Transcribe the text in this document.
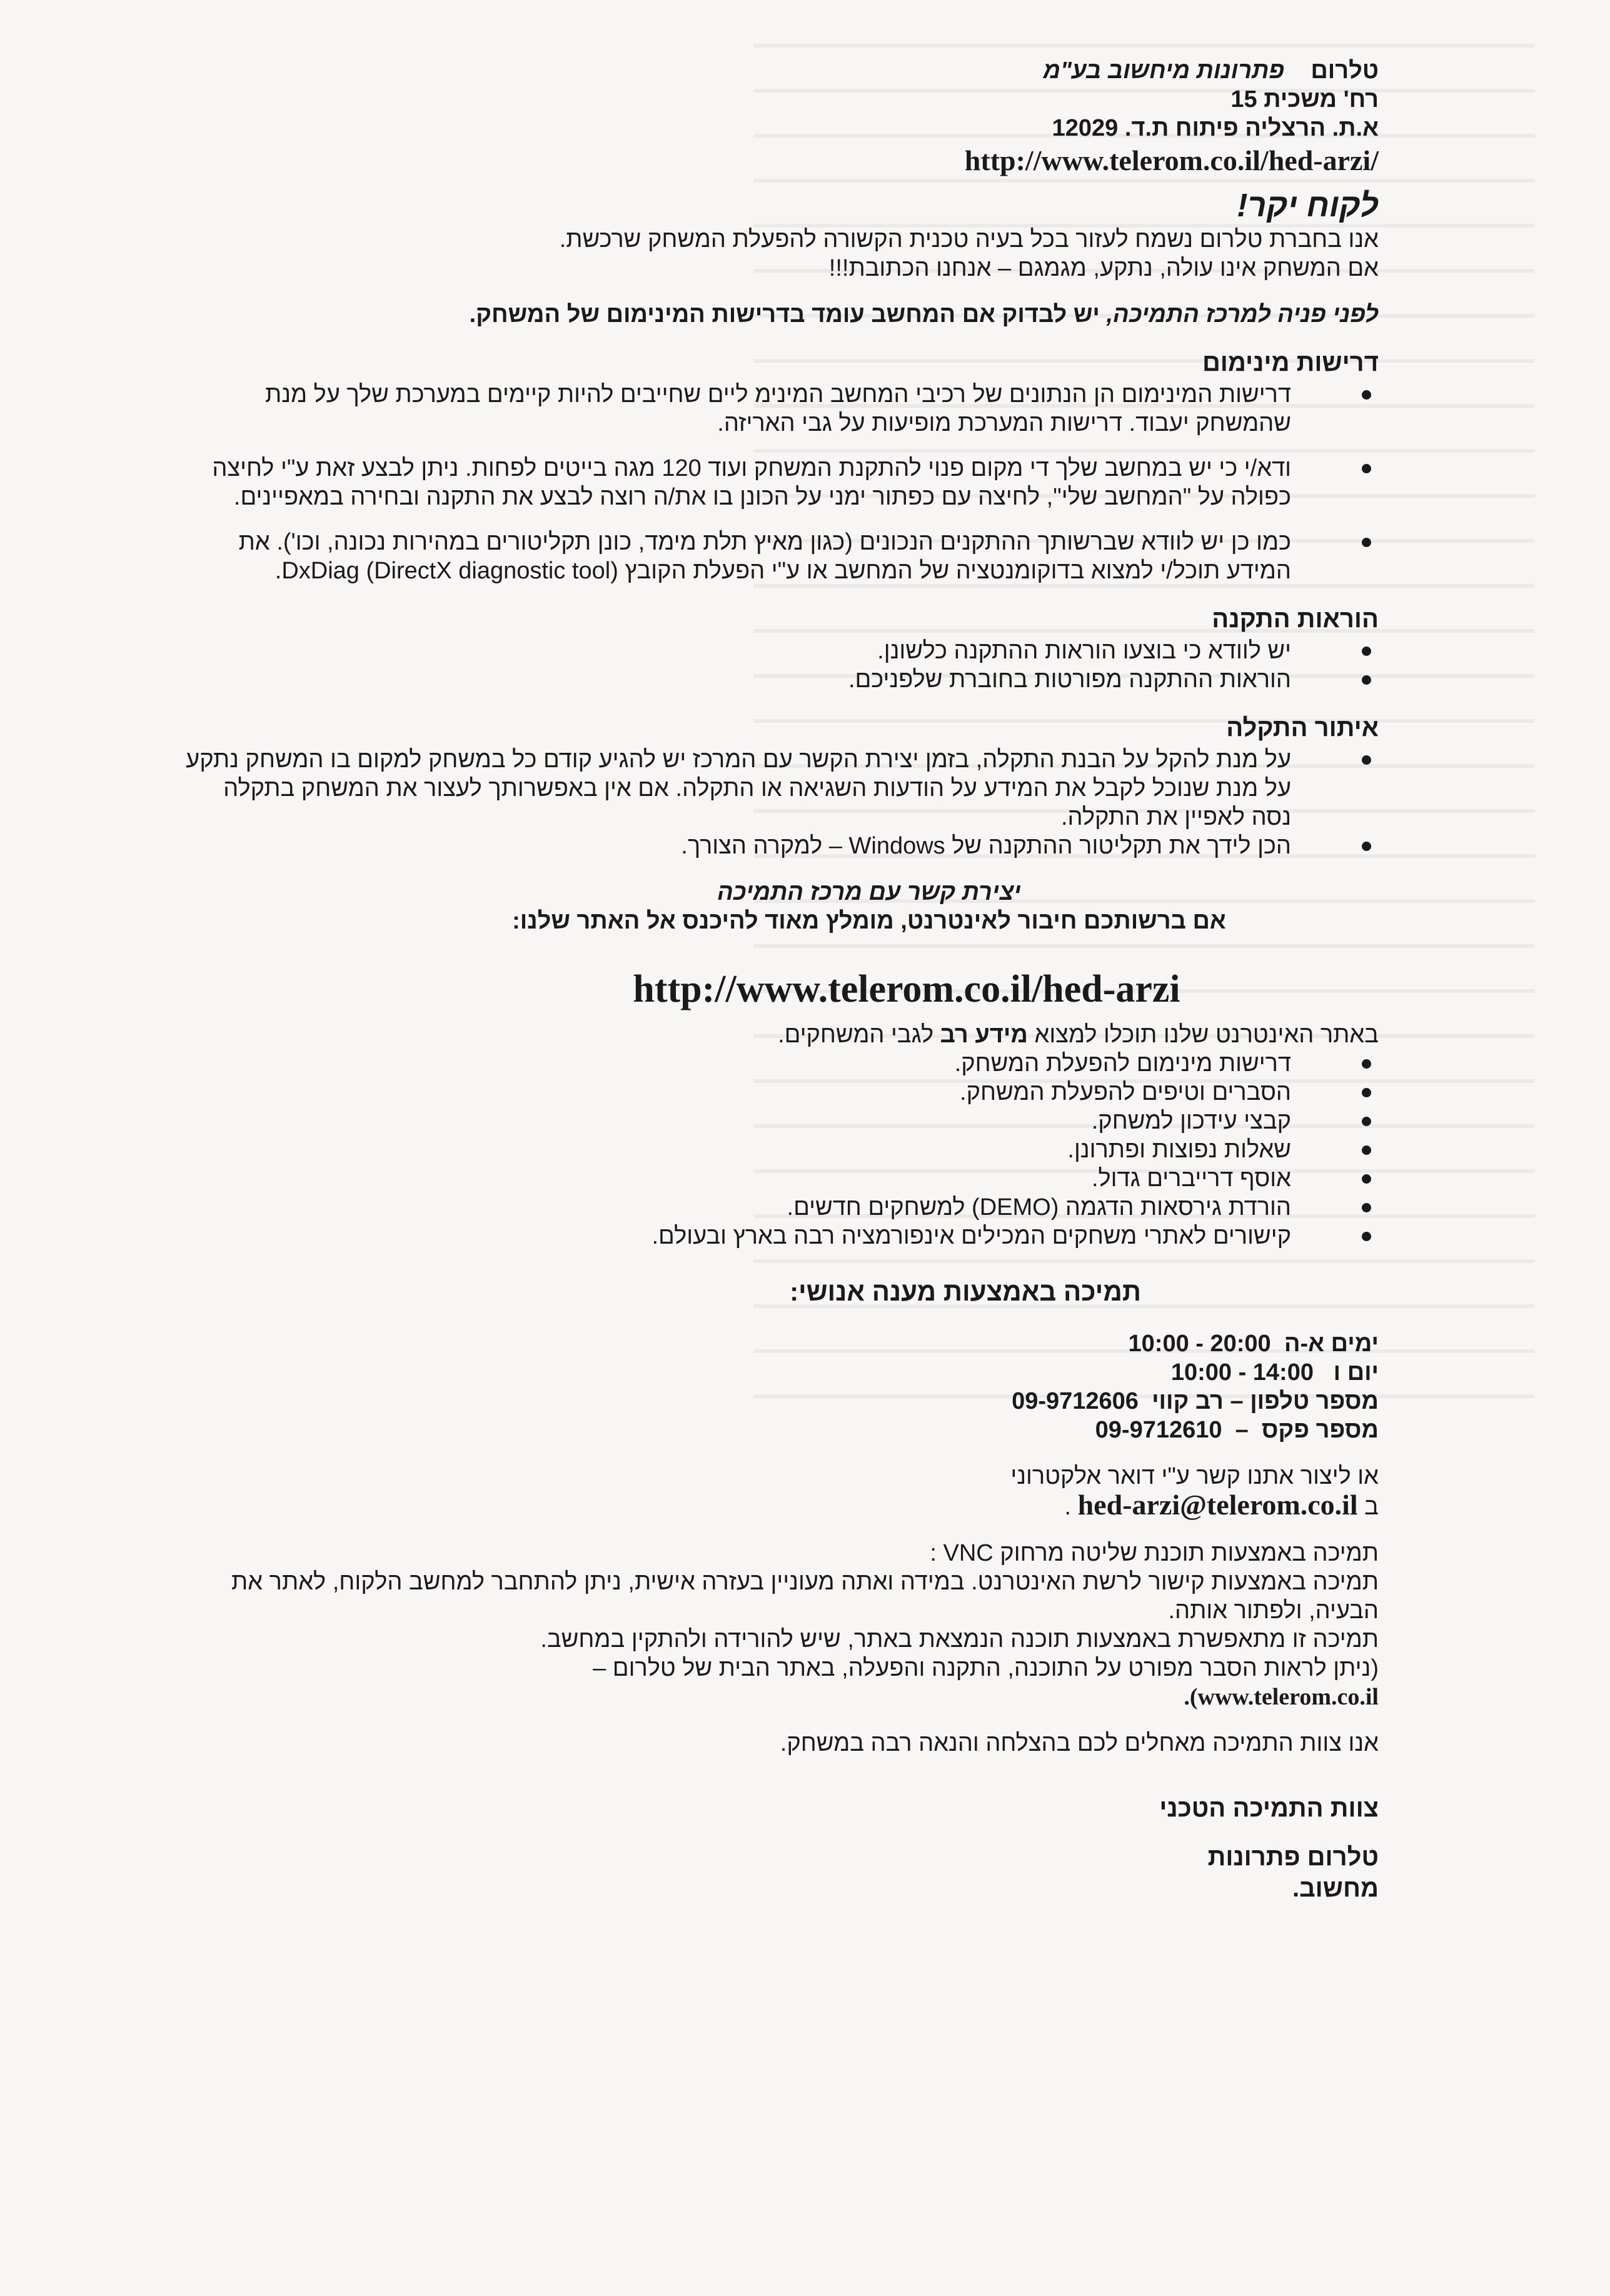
טלרום    פתרונות מיחשוב בע"מ
רח' משכית 15
א.ת. הרצליה פיתוח ת.ד. 12029
http://www.telerom.co.il/hed-arzi/
לקוח יקר!
אנו בחברת טלרום נשמח לעזור בכל בעיה טכנית הקשורה להפעלת המשחק שרכשת.
אם המשחק אינו עולה, נתקע, מגמגם – אנחנו הכתובת!!!
לפני פניה למרכז התמיכה, יש לבדוק אם המחשב עומד בדרישות המינימום של המשחק.
דרישות מינימום
דרישות המינימום הן הנתונים של רכיבי המחשב המינימ ליים שחייבים להיות קיימים במערכת שלך על מנת שהמשחק יעבוד. דרישות המערכת מופיעות על גבי האריזה.
ודא/י כי יש במחשב שלך די מקום פנוי להתקנת המשחק ועוד 120 מגה בייטים לפחות. ניתן לבצע זאת ע"י לחיצה כפולה על "המחשב שלי", לחיצה עם כפתור ימני על הכונן בו את/ה רוצה לבצע את התקנה ובחירה במאפיינים.
כמו כן יש לוודא שברשותך ההתקנים הנכונים (כגון מאיץ תלת מימד, כונן תקליטורים במהירות נכונה, וכו'). את המידע תוכל/י למצוא בדוקומנטציה של המחשב או ע"י הפעלת הקובץ DxDiag (DirectX diagnostic tool).
הוראות התקנה
יש לוודא כי בוצעו הוראות ההתקנה כלשונן.
הוראות ההתקנה מפורטות בחוברת שלפניכם.
איתור התקלה
על מנת להקל על הבנת התקלה, בזמן יצירת הקשר עם המרכז יש להגיע קודם כל במשחק למקום בו המשחק נתקע על מנת שנוכל לקבל את המידע על הודעות השגיאה או התקלה. אם אין באפשרותך לעצור את המשחק בתקלה נסה לאפיין את התקלה.
הכן לידך את תקליטור ההתקנה של Windows – למקרה הצורך.
יצירת קשר עם מרכז התמיכה
אם ברשותכם חיבור לאינטרנט, מומלץ מאוד להיכנס אל האתר שלנו:
http://www.telerom.co.il/hed-arzi
באתר האינטרנט שלנו תוכלו למצוא מידע רב לגבי המשחקים.
דרישות מינימום להפעלת המשחק.
הסברים וטיפים להפעלת המשחק.
קבצי עידכון למשחק.
שאלות נפוצות ופתרונן.
אוסף דרייברים גדול.
הורדת גירסאות הדגמה (DEMO) למשחקים חדשים.
קישורים לאתרי משחקים המכילים אינפורמציה רבה בארץ ובעולם.
תמיכה באמצעות מענה אנושי:
ימים א-ה  10:00 - 20:00
יום ו   10:00 - 14:00
מספר טלפון – רב קווי  09-9712606
מספר פקס  –  09-9712610
או ליצור אתנו קשר ע"י דואר אלקטרוני
ב hed-arzi@telerom.co.il .
תמיכה באמצעות תוכנת שליטה מרחוק VNC :
תמיכה באמצעות קישור לרשת האינטרנט. במידה ואתה מעוניין בעזרה אישית, ניתן להתחבר למחשב הלקוח, לאתר את הבעיה, ולפתור אותה.
תמיכה זו מתאפשרת באמצעות תוכנה הנמצאת באתר, שיש להורידה ולהתקין במחשב.
(ניתן לראות הסבר מפורט על התוכנה, התקנה והפעלה, באתר הבית של טלרום –
www.telerom.co.il).
אנו צוות התמיכה מאחלים לכם בהצלחה והנאה רבה במשחק.
צוות התמיכה הטכני
טלרום פתרונות
מחשוב.
